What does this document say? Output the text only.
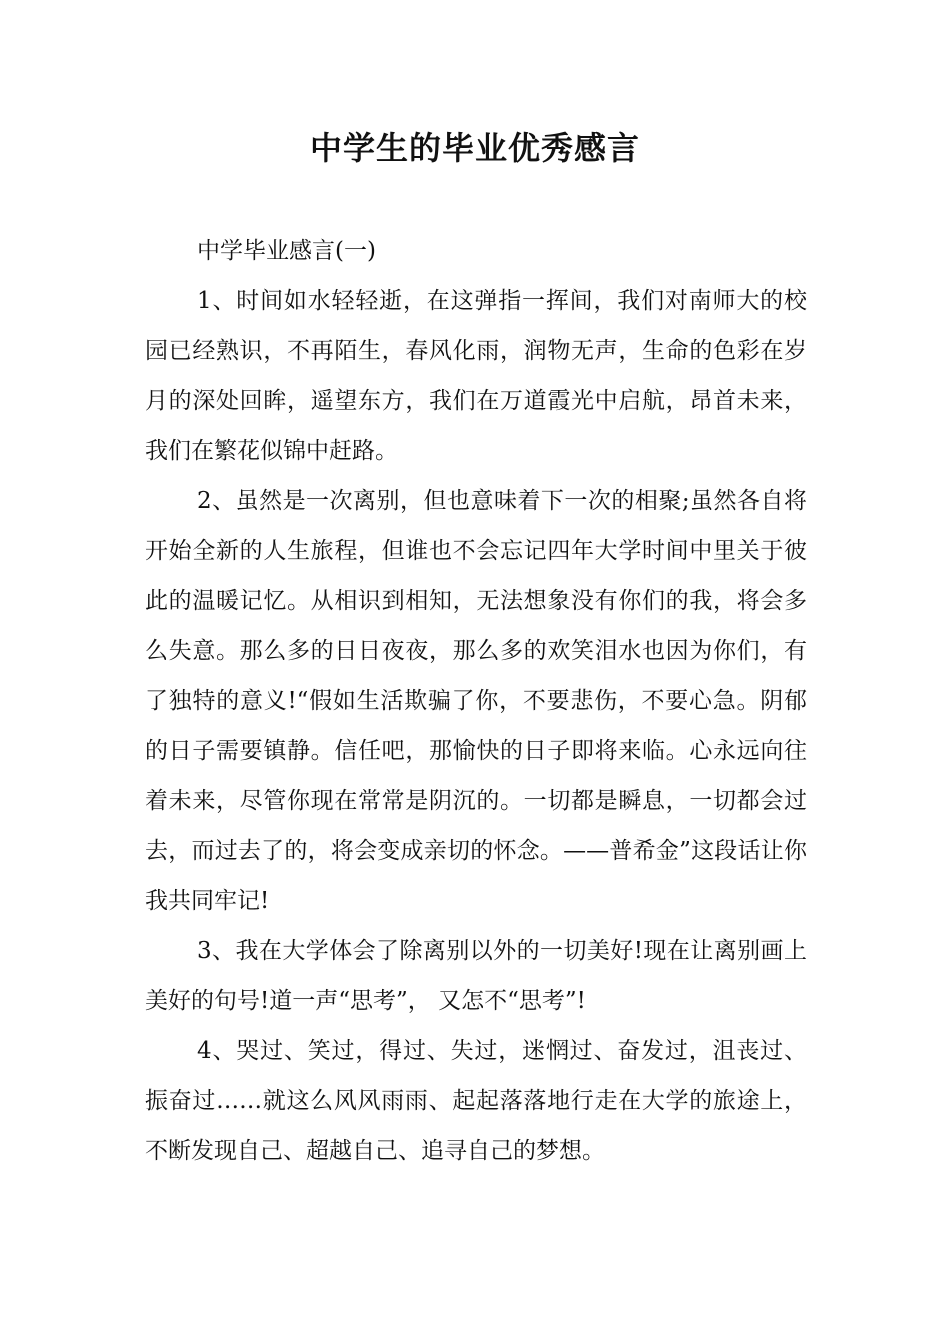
中学生的毕业优秀感言

中学毕业感言(一)

1、时间如水轻轻逝，在这弹指一挥间，我们对南师大的校园已经熟识，不再陌生，春风化雨，润物无声，生命的色彩在岁月的深处回眸，遥望东方，我们在万道霞光中启航，昂首未来，我们在繁花似锦中赶路。

2、虽然是一次离别，但也意味着下一次的相聚;虽然各自将开始全新的人生旅程，但谁也不会忘记四年大学时间中里关于彼此的温暖记忆。从相识到相知，无法想象没有你们的我，将会多么失意。那么多的日日夜夜，那么多的欢笑泪水也因为你们，有了独特的意义!“假如生活欺骗了你，不要悲伤，不要心急。阴郁的日子需要镇静。信任吧，那愉快的日子即将来临。心永远向往着未来，尽管你现在常常是阴沉的。一切都是瞬息，一切都会过去，而过去了的，将会变成亲切的怀念。——普希金”这段话让你我共同牢记!

3、我在大学体会了除离别以外的一切美好!现在让离别画上美好的句号!道一声“思考”， 又怎不“思考”!

4、哭过、笑过，得过、失过，迷惘过、奋发过，沮丧过、振奋过……就这么风风雨雨、起起落落地行走在大学的旅途上，不断发现自己、超越自己、追寻自己的梦想。
